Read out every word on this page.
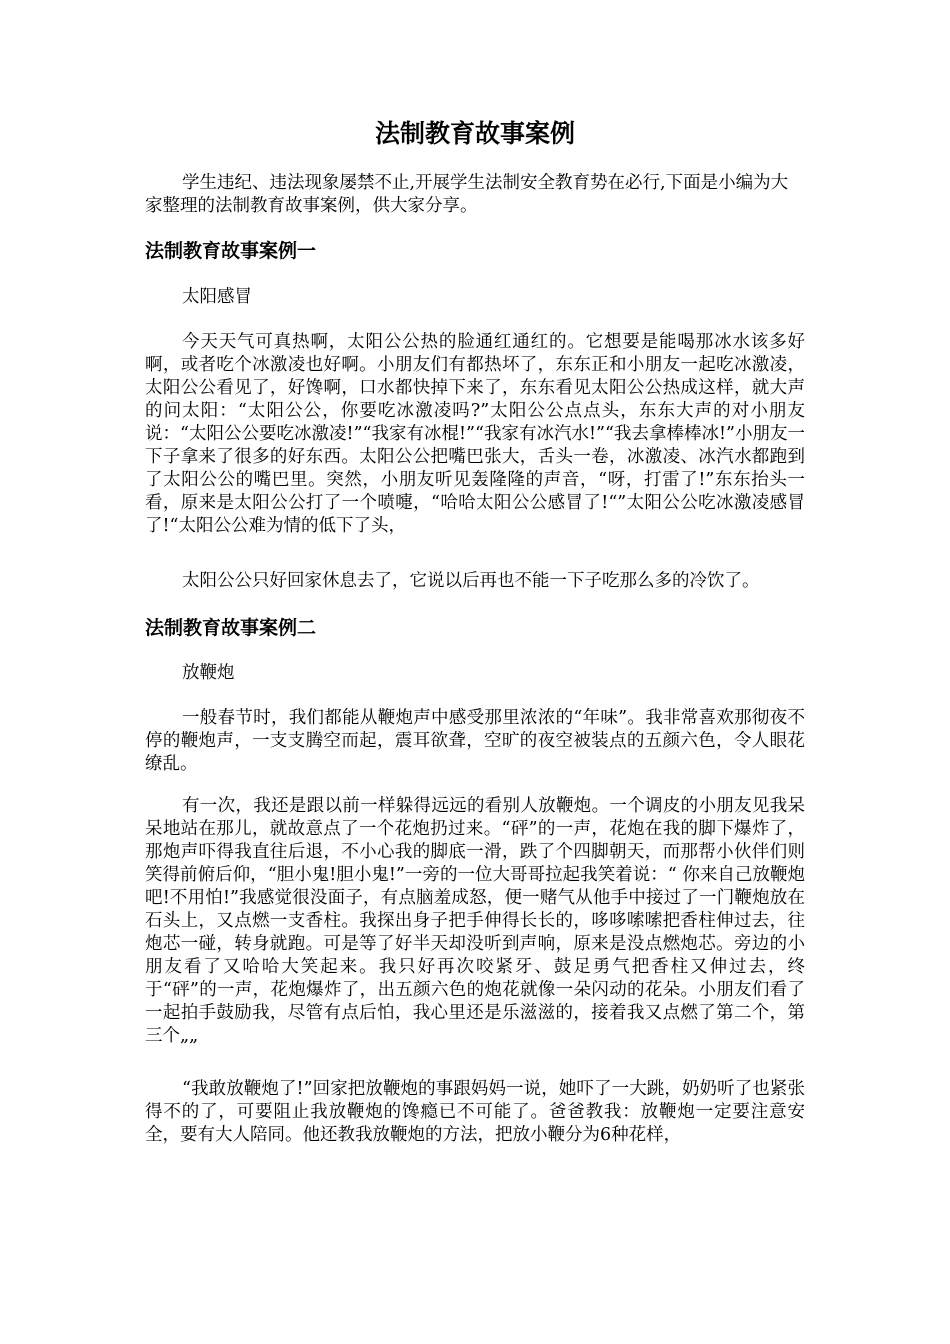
法制教育故事案例

学生违纪、违法现象屡禁不止,开展学生法制安全教育势在必行,下面是小编为大家整理的法制教育故事案例，供大家分享。

法制教育故事案例一
太阳感冒

今天天气可真热啊，太阳公公热的脸通红通红的。它想要是能喝那冰水该多好啊，或者吃个冰激凌也好啊。小朋友们有都热坏了，东东正和小朋友一起吃冰激凌，太阳公公看见了，好馋啊，口水都快掉下来了，东东看见太阳公公热成这样，就大声的问太阳：“太阳公公，你要吃冰激凌吗?”太阳公公点点头，东东大声的对小朋友说：“太阳公公要吃冰激凌!”“我家有冰棍!”“我家有冰汽水!”“我去拿棒棒冰!”小朋友一下子拿来了很多的好东西。太阳公公把嘴巴张大，舌头一卷，冰激凌、冰汽水都跑到了太阳公公的嘴巴里。突然，小朋友听见轰隆隆的声音，“呀，打雷了!”东东抬头一看，原来是太阳公公打了一个喷嚏，“哈哈太阳公公感冒了!“”太阳公公吃冰激凌感冒了!“太阳公公难为情的低下了头，

太阳公公只好回家休息去了，它说以后再也不能一下子吃那么多的冷饮了。

法制教育故事案例二
放鞭炮

一般春节时，我们都能从鞭炮声中感受那里浓浓的“年味”。我非常喜欢那彻夜不停的鞭炮声，一支支腾空而起，震耳欲聋，空旷的夜空被装点的五颜六色，令人眼花缭乱。

有一次，我还是跟以前一样躲得远远的看别人放鞭炮。一个调皮的小朋友见我呆呆地站在那儿，就故意点了一个花炮扔过来。“砰”的一声，花炮在我的脚下爆炸了，那炮声吓得我直往后退，不小心我的脚底一滑，跌了个四脚朝天，而那帮小伙伴们则笑得前俯后仰，“胆小鬼!胆小鬼!”一旁的一位大哥哥拉起我笑着说：“ 你来自己放鞭炮吧!不用怕!”我感觉很没面子，有点脑羞成怒，便一赌气从他手中接过了一门鞭炮放在石头上，又点燃一支香柱。我探出身子把手伸得长长的，哆哆嗦嗦把香柱伸过去，往炮芯一碰，转身就跑。可是等了好半天却没听到声响，原来是没点燃炮芯。旁边的小朋友看了又哈哈大笑起来。我只好再次咬紧牙、鼓足勇气把香柱又伸过去，终于“砰”的一声，花炮爆炸了，出五颜六色的炮花就像一朵闪动的花朵。小朋友们看了一起拍手鼓励我，尽管有点后怕，我心里还是乐滋滋的，接着我又点燃了第二个，第三个„„

“我敢放鞭炮了!”回家把放鞭炮的事跟妈妈一说，她吓了一大跳，奶奶听了也紧张得不的了，可要阻止我放鞭炮的馋瘾已不可能了。爸爸教我：放鞭炮一定要注意安全，要有大人陪同。他还教我放鞭炮的方法，把放小鞭分为6种花样，
